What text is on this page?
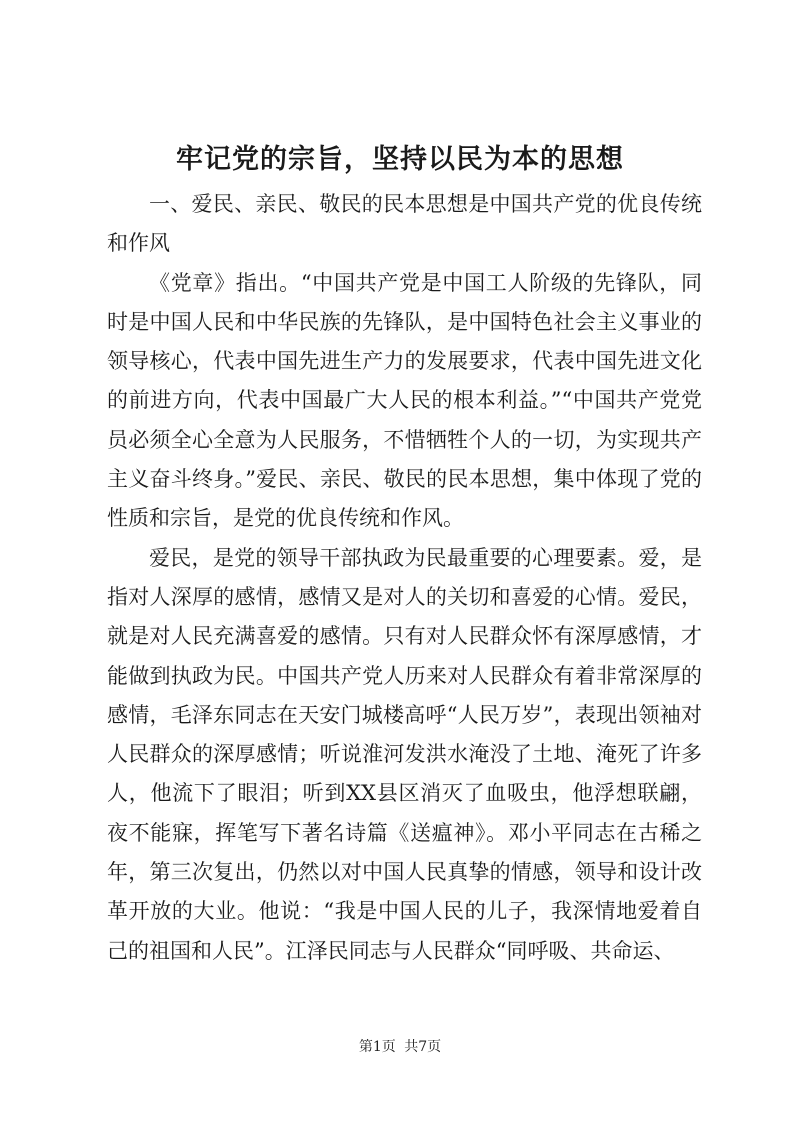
牢记党的宗旨，坚持以民为本的思想

一、爱民、亲民、敬民的民本思想是中国共产党的优良传统和作风

《党章》指出。“中国共产党是中国工人阶级的先锋队，同时是中国人民和中华民族的先锋队，是中国特色社会主义事业的领导核心，代表中国先进生产力的发展要求，代表中国先进文化的前进方向，代表中国最广大人民的根本利益。”“中国共产党党员必须全心全意为人民服务，不惜牺牲个人的一切，为实现共产主义奋斗终身。”爱民、亲民、敬民的民本思想，集中体现了党的性质和宗旨，是党的优良传统和作风。

爱民，是党的领导干部执政为民最重要的心理要素。爱，是指对人深厚的感情，感情又是对人的关切和喜爱的心情。爱民，就是对人民充满喜爱的感情。只有对人民群众怀有深厚感情，才能做到执政为民。中国共产党人历来对人民群众有着非常深厚的感情，毛泽东同志在天安门城楼高呼“人民万岁”，表现出领袖对人民群众的深厚感情；听说淮河发洪水淹没了土地、淹死了许多人，他流下了眼泪；听到XX县区消灭了血吸虫，他浮想联翩，夜不能寐，挥笔写下著名诗篇《送瘟神》。邓小平同志在古稀之年，第三次复出，仍然以对中国人民真挚的情感，领导和设计改革开放的大业。他说：“我是中国人民的儿子，我深情地爱着自己的祖国和人民”。江泽民同志与人民群众“同呼吸、共命运、

第1页 共7页
